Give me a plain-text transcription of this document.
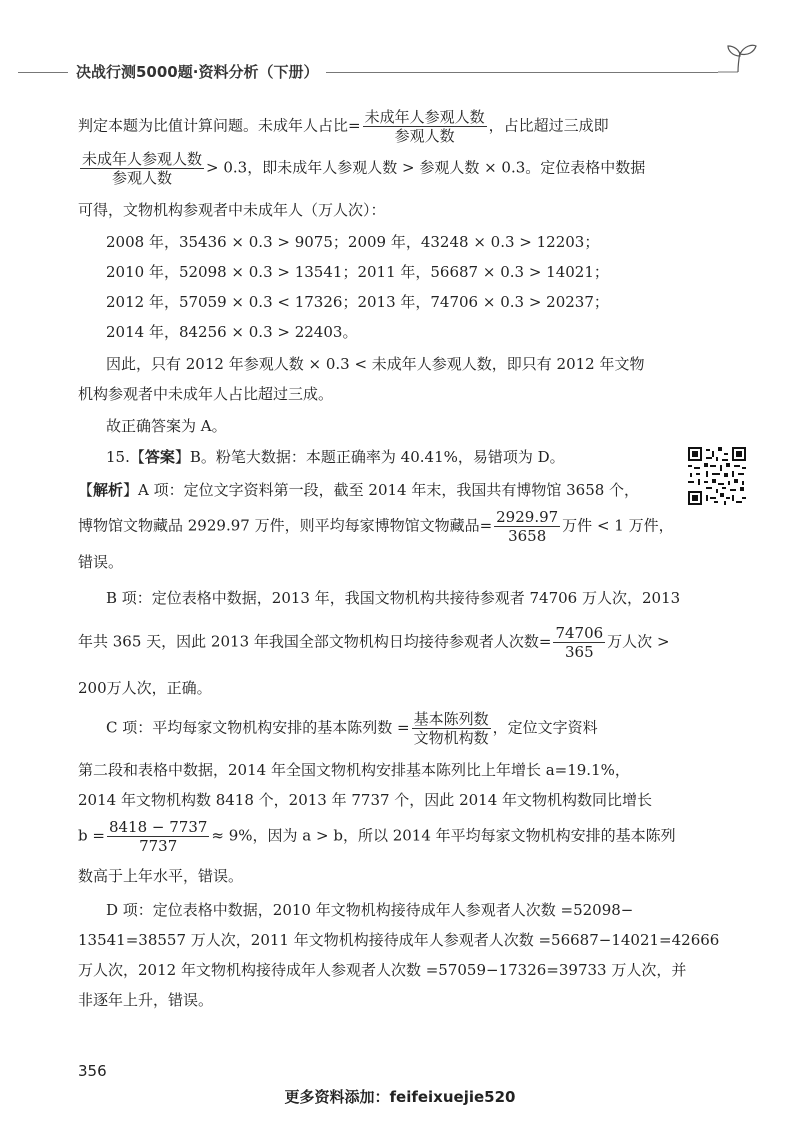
决战行测5000题·资料分析（下册）
判定本题为比值计算问题。未成年人占比= $\frac{\text{未成年人参观人数}}{\text{参观人数}}$ ，占比超过三成即
$\frac{\text{未成年人参观人数}}{\text{参观人数}} > 0.3$，即未成年人参观人数 > 参观人数 × 0.3。定位表格中数据
可得，文物机构参观者中未成年人（万人次）：
2008 年，35436 × 0.3 > 9075；2009 年，43248 × 0.3 > 12203；
2010 年，52098 × 0.3 > 13541；2011 年，56687 × 0.3 > 14021；
2012 年，57059 × 0.3 < 17326；2013 年，74706 × 0.3 > 20237；
2014 年，84256 × 0.3 > 22403。
因此，只有 2012 年参观人数 × 0.3 < 未成年人参观人数，即只有 2012 年文物
机构参观者中未成年人占比超过三成。
故正确答案为 A。
15.【答案】B。粉笔大数据：本题正确率为 40.41%，易错项为 D。
【解析】A 项：定位文字资料第一段，截至 2014 年末，我国共有博物馆 3658 个，
博物馆文物藏品 2929.97 万件，则平均每家博物馆文物藏品= $\frac{2929.97}{3658}$ 万件 < 1 万件，
错误。
B 项：定位表格中数据，2013 年，我国文物机构共接待参观者 74706 万人次，2013
年共 365 天，因此 2013 年我国全部文物机构日均接待参观者人次数= $\frac{74706}{365}$ 万人次 >
200万人次，正确。
C 项：平均每家文物机构安排的基本陈列数 = $\frac{\text{基本陈列数}}{\text{文物机构数}}$ ，定位文字资料
第二段和表格中数据，2014 年全国文物机构安排基本陈列比上年增长 a=19.1%，
2014 年文物机构数 8418 个，2013 年 7737 个，因此 2014 年文物机构数同比增长
$b = \frac{8418 - 7737}{7737} \approx 9\%$，因为 a > b，所以 2014 年平均每家文物机构安排的基本陈列
数高于上年水平，错误。
D 项：定位表格中数据，2010 年文物机构接待成年人参观者人次数 =52098−
13541=38557 万人次，2011 年文物机构接待成年人参观者人次数 =56687−14021=42666
万人次，2012 年文物机构接待成年人参观者人次数 =57059−17326=39733 万人次，并
非逐年上升，错误。
356
更多资料添加：feifeixuejie520
